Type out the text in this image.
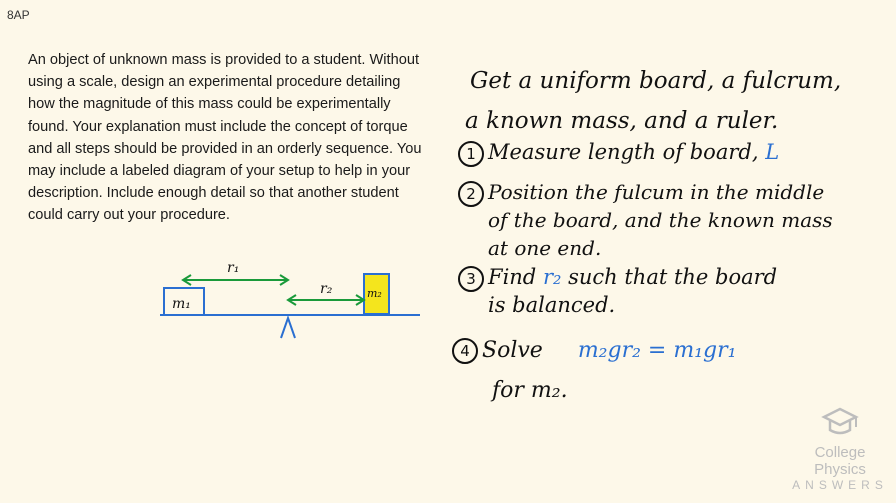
8AP
An object of unknown mass is provided to a student. Without using a scale, design an experimental procedure detailing how the magnitude of this mass could be experimentally found. Your explanation must include the concept of torque and all steps should be provided in an orderly sequence. You may include a labeled diagram of your setup to help in your description. Include enough detail so that another student could carry out your procedure.
r₁
r₂
m₁
m₂
Get a uniform board, a fulcrum,
a known mass, and a ruler.
1 Measure length of board, L
2 Position the fulcum in the middle
of the board, and the known mass
at one end.
3 Find r₂ such that the board
is balanced.
4 Solve m₂gr₂ = m₁gr₁
for m₂.
College Physics
ANSWERS
